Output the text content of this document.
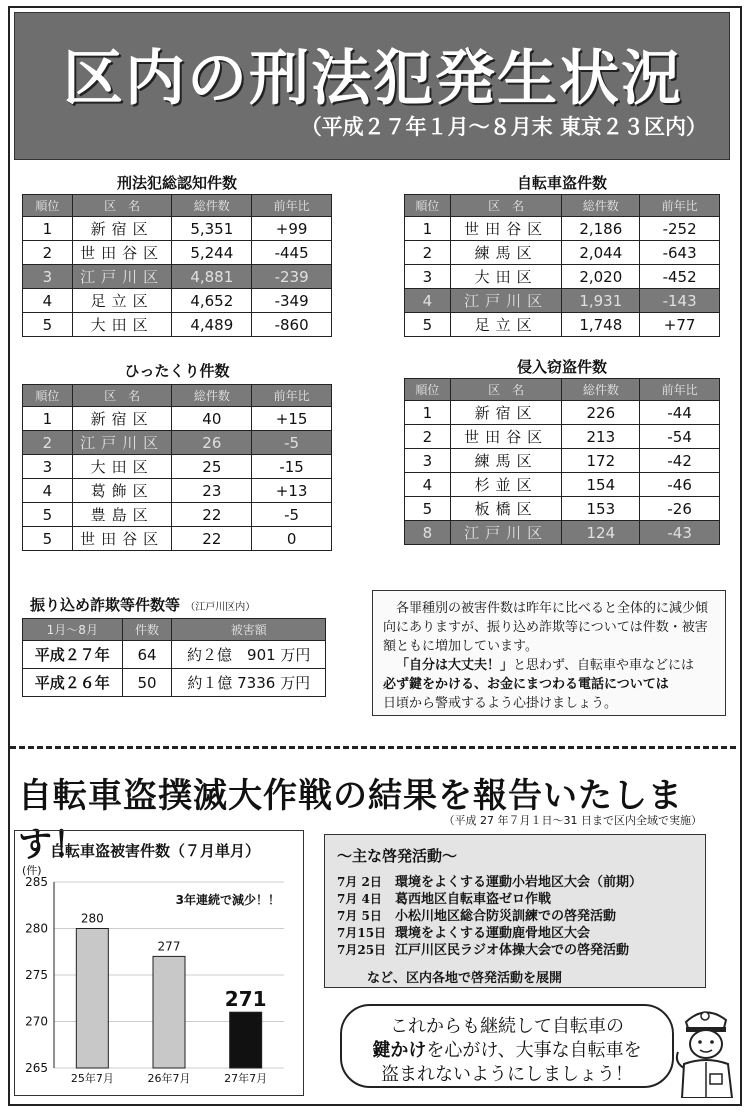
区内の刑法犯発生状況
（平成２７年１月～８月末 東京２３区内）
刑法犯総認知件数
順位	区　名	総件数	前年比
1	新宿区	5,351	+99
2	世田谷区	5,244	-445
3	江戸川区	4,881	-239
4	足立区	4,652	-349
5	大田区	4,489	-860
自転車盗件数
順位	区　名	総件数	前年比
1	世田谷区	2,186	-252
2	練馬区	2,044	-643
3	大田区	2,020	-452
4	江戸川区	1,931	-143
5	足立区	1,748	+77
ひったくり件数
順位	区　名	総件数	前年比
1	新宿区	40	+15
2	江戸川区	26	-5
3	大田区	25	-15
4	葛飾区	23	+13
5	豊島区	22	-5
5	世田谷区	22	0
侵入窃盗件数
順位	区　名	総件数	前年比
1	新宿区	226	-44
2	世田谷区	213	-54
3	練馬区	172	-42
4	杉並区	154	-46
5	板橋区	153	-26
8	江戸川区	124	-43
振り込め詐欺等件数等 （江戸川区内）
1月～8月	件数	被害額
平成２７年	64	約２億　901 万円
平成２６年	50	約１億 7336 万円
各罪種別の被害件数は昨年に比べると全体的に減少傾向にありますが、振り込め詐欺等については件数・被害額ともに増加しています。
「自分は大丈夫！」と思わず、自転車や車などには
必ず鍵をかける、お金にまつわる電話については
日頃から警戒するよう心掛けましょう。
自転車盗撲滅大作戦の結果を報告いたします！
（平成 27 年７月１日～31 日まで区内全域で実施）
自転車盗被害件数（７月単月）
(件)
265
270
275
280
285
280
25年7月
277
26年7月
271
27年7月
3年連続で減少！！
～主な啓発活動～
7月 2日 環境をよくする運動小岩地区大会（前期）
7月 4日 葛西地区自転車盗ゼロ作戦
7月 5日 小松川地区総合防災訓練での啓発活動
7月15日 環境をよくする運動鹿骨地区大会
7月25日 江戸川区民ラジオ体操大会での啓発活動
など、区内各地で啓発活動を展開
これからも継続して自転車の
鍵かけを心がけ、大事な自転車を
盗まれないようにしましょう！
